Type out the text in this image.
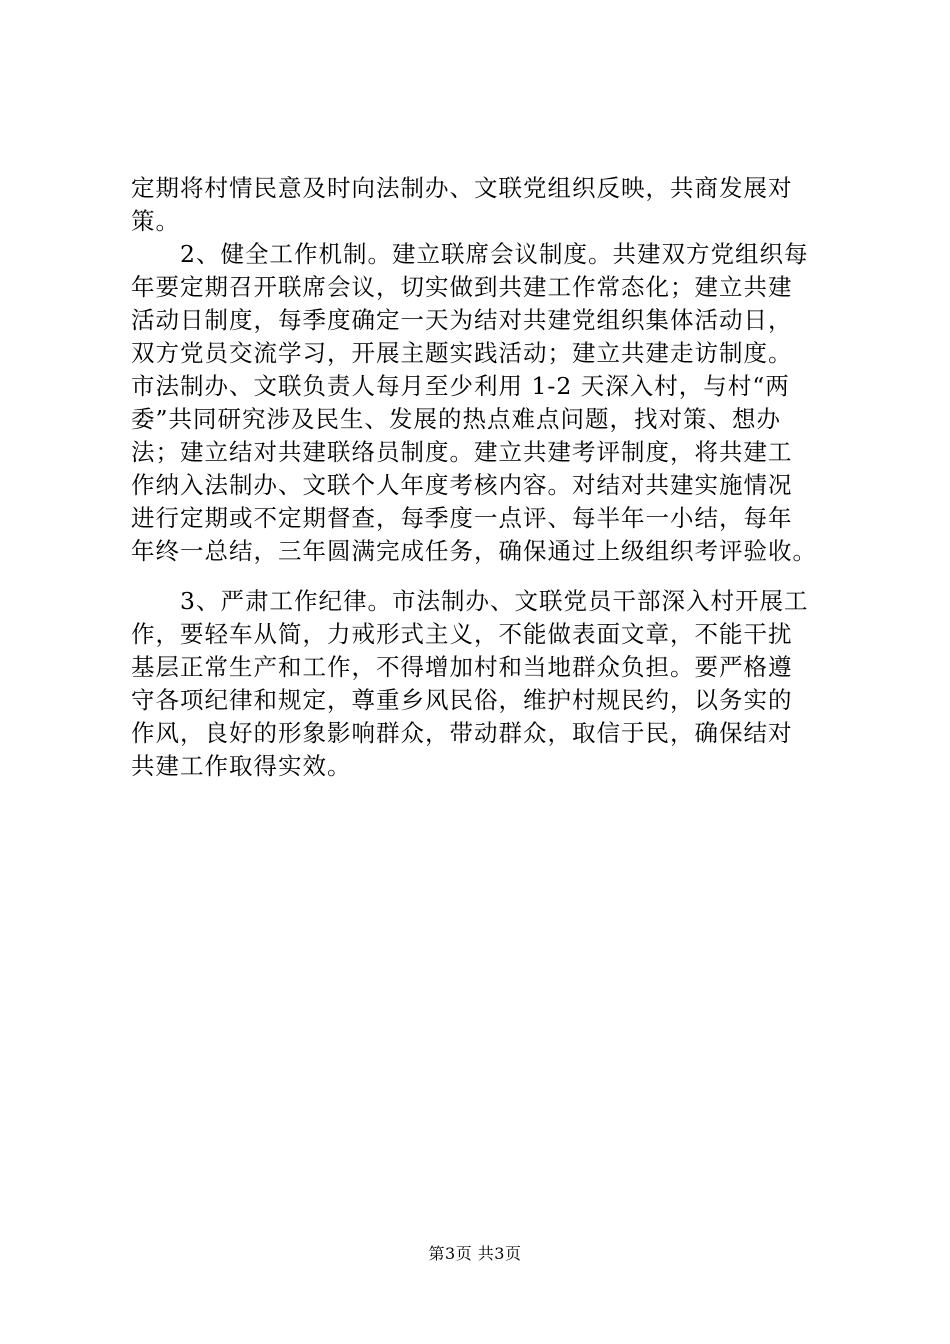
定期将村情民意及时向法制办、文联党组织反映，共商发展对
策。

2、健全工作机制。建立联席会议制度。共建双方党组织每
年要定期召开联席会议，切实做到共建工作常态化；建立共建
活动日制度，每季度确定一天为结对共建党组织集体活动日，
双方党员交流学习，开展主题实践活动；建立共建走访制度。
市法制办、文联负责人每月至少利用 1-2 天深入村，与村“两
委”共同研究涉及民生、发展的热点难点问题，找对策、想办
法；建立结对共建联络员制度。建立共建考评制度，将共建工
作纳入法制办、文联个人年度考核内容。对结对共建实施情况
进行定期或不定期督查，每季度一点评、每半年一小结，每年
年终一总结，三年圆满完成任务，确保通过上级组织考评验收。

3、严肃工作纪律。市法制办、文联党员干部深入村开展工
作，要轻车从简，力戒形式主义，不能做表面文章，不能干扰
基层正常生产和工作，不得增加村和当地群众负担。要严格遵
守各项纪律和规定，尊重乡风民俗，维护村规民约，以务实的
作风，良好的形象影响群众，带动群众，取信于民，确保结对
共建工作取得实效。

第3页 共3页
